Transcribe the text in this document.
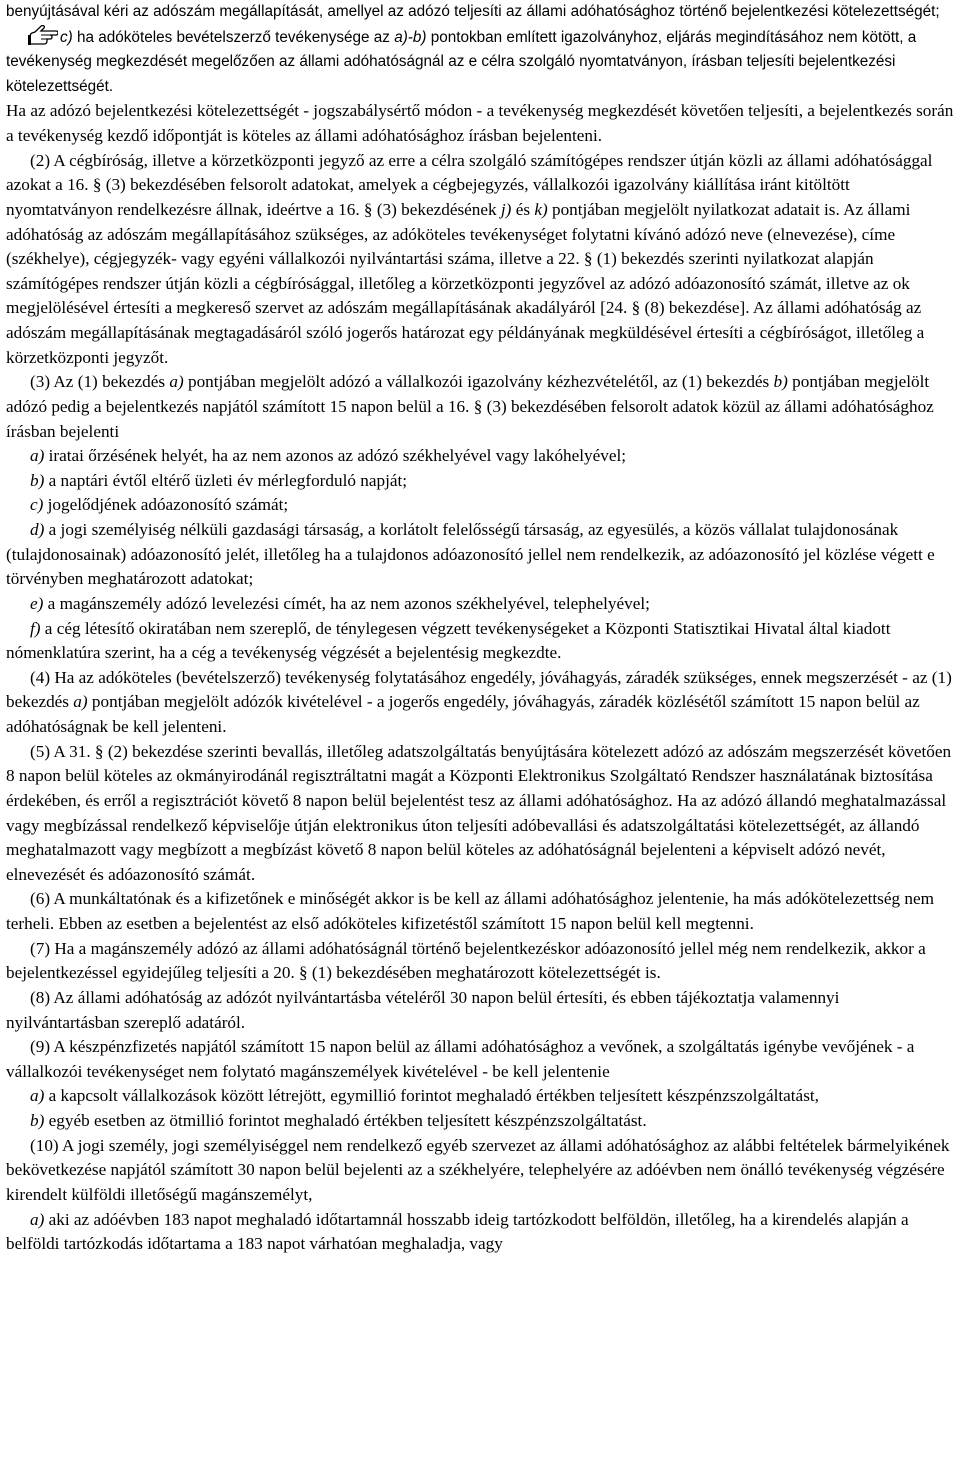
benyújtásával kéri az adószám megállapítását, amellyel az adózó teljesíti az állami adóhatósághoz történő bejelentkezési kötelezettségét;

c) ha adóköteles bevételszerző tevékenysége az a)-b) pontokban említett igazolványhoz, eljárás megindításához nem kötött, a tevékenység megkezdését megelőzően az állami adóhatóságnál az e célra szolgáló nyomtatványon, írásban teljesíti bejelentkezési kötelezettségét.

Ha az adózó bejelentkezési kötelezettségét - jogszabálysértő módon - a tevékenység megkezdését követően teljesíti, a bejelentkezés során a tevékenység kezdő időpontját is köteles az állami adóhatósághoz írásban bejelenteni.

(2) A cégbíróság, illetve a körzetközponti jegyző az erre a célra szolgáló számítógépes rendszer útján közli az állami adóhatósággal azokat a 16. § (3) bekezdésében felsorolt adatokat, amelyek a cégbejegyzés, vállalkozói igazolvány kiállítása iránt kitöltött nyomtatványon rendelkezésre állnak, ideértve a 16. § (3) bekezdésének j) és k) pontjában megjelölt nyilatkozat adatait is. Az állami adóhatóság az adószám megállapításához szükséges, az adóköteles tevékenységet folytatni kívánó adózó neve (elnevezése), címe (székhelye), cégjegyzék- vagy egyéni vállalkozói nyilvántartási száma, illetve a 22. § (1) bekezdés szerinti nyilatkozat alapján számítógépes rendszer útján közli a cégbírósággal, illetőleg a körzetközponti jegyzővel az adózó adóazonosító számát, illetve az ok megjelölésével értesíti a megkereső szervet az adószám megállapításának akadályáról [24. § (8) bekezdése]. Az állami adóhatóság az adószám megállapításának megtagadásáról szóló jogerős határozat egy példányának megküldésével értesíti a cégbíróságot, illetőleg a körzetközponti jegyzőt.

(3) Az (1) bekezdés a) pontjában megjelölt adózó a vállalkozói igazolvány kézhezvételétől, az (1) bekezdés b) pontjában megjelölt adózó pedig a bejelentkezés napjától számított 15 napon belül a 16. § (3) bekezdésében felsorolt adatok közül az állami adóhatósághoz írásban bejelenti

a) iratai őrzésének helyét, ha az nem azonos az adózó székhelyével vagy lakóhelyével;

b) a naptári évtől eltérő üzleti év mérlegforduló napját;

c) jogelődjének adóazonosító számát;

d) a jogi személyiség nélküli gazdasági társaság, a korlátolt felelősségű társaság, az egyesülés, a közös vállalat tulajdonosának (tulajdonosainak) adóazonosító jelét, illetőleg ha a tulajdonos adóazonosító jellel nem rendelkezik, az adóazonosító jel közlése végett e törvényben meghatározott adatokat;

e) a magánszemély adózó levelezési címét, ha az nem azonos székhelyével, telephelyével;

f) a cég létesítő okiratában nem szereplő, de ténylegesen végzett tevékenységeket a Központi Statisztikai Hivatal által kiadott nómenklatúra szerint, ha a cég a tevékenység végzését a bejelentésig megkezdte.

(4) Ha az adóköteles (bevételszerző) tevékenység folytatásához engedély, jóváhagyás, záradék szükséges, ennek megszerzését - az (1) bekezdés a) pontjában megjelölt adózók kivételével - a jogerős engedély, jóváhagyás, záradék közlésétől számított 15 napon belül az adóhatóságnak be kell jelenteni.

(5) A 31. § (2) bekezdése szerinti bevallás, illetőleg adatszolgáltatás benyújtására kötelezett adózó az adószám megszerzését követően 8 napon belül köteles az okmányirodánál regisztráltatni magát a Központi Elektronikus Szolgáltató Rendszer használatának biztosítása érdekében, és erről a regisztrációt követő 8 napon belül bejelentést tesz az állami adóhatósághoz. Ha az adózó állandó meghatalmazással vagy megbízással rendelkező képviselője útján elektronikus úton teljesíti adóbevallási és adatszolgáltatási kötelezettségét, az állandó meghatalmazott vagy megbízott a megbízást követő 8 napon belül köteles az adóhatóságnál bejelenteni a képviselt adózó nevét, elnevezését és adóazonosító számát.

(6) A munkáltatónak és a kifizetőnek e minőségét akkor is be kell az állami adóhatósághoz jelentenie, ha más adókötelezettség nem terheli. Ebben az esetben a bejelentést az első adóköteles kifizetéstől számított 15 napon belül kell megtenni.

(7) Ha a magánszemély adózó az állami adóhatóságnál történő bejelentkezéskor adóazonosító jellel még nem rendelkezik, akkor a bejelentkezéssel egyidejűleg teljesíti a 20. § (1) bekezdésében meghatározott kötelezettségét is.

(8) Az állami adóhatóság az adózót nyilvántartásba vételéről 30 napon belül értesíti, és ebben tájékoztatja valamennyi nyilvántartásban szereplő adatáról.

(9) A készpénzfizetés napjától számított 15 napon belül az állami adóhatósághoz a vevőnek, a szolgáltatás igénybe vevőjének - a vállalkozói tevékenységet nem folytató magánszemélyek kivételével - be kell jelentenie

a) a kapcsolt vállalkozások között létrejött, egymillió forintot meghaladó értékben teljesített készpénzszolgáltatást,

b) egyéb esetben az ötmillió forintot meghaladó értékben teljesített készpénzszolgáltatást.

(10) A jogi személy, jogi személyiséggel nem rendelkező egyéb szervezet az állami adóhatósághoz az alábbi feltételek bármelyikének bekövetkezése napjától számított 30 napon belül bejelenti az a székhelyére, telephelyére az adóévben nem önálló tevékenység végzésére kirendelt külföldi illetőségű magánszemélyt,

a) aki az adóévben 183 napot meghaladó időtartamnál hosszabb ideig tartózkodott belföldön, illetőleg, ha a kirendelés alapján a belföldi tartózkodás időtartama a 183 napot várhatóan meghaladja, vagy
